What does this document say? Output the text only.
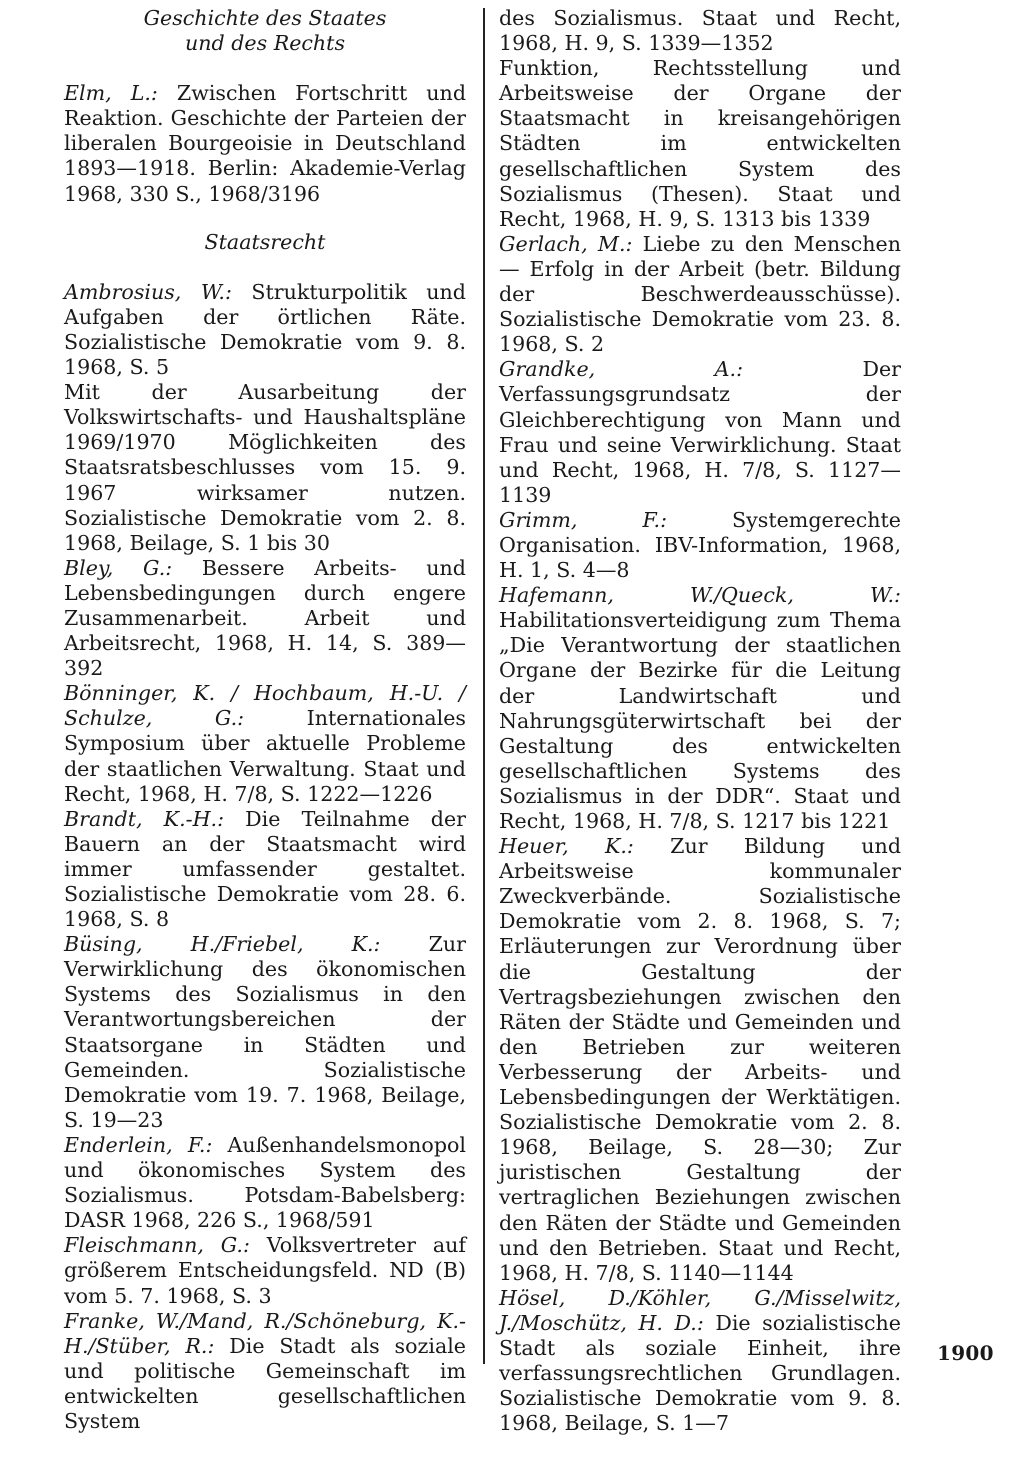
Geschichte des Staates
und des Rechts

Elm, L.: Zwischen Fortschritt und Reaktion. Geschichte der Parteien der liberalen Bourgeoisie in Deutschland 1893—1918. Berlin: Akademie-Verlag 1968, 330 S., 1968/3196

Staatsrecht

Ambrosius, W.: Strukturpolitik und Aufgaben der örtlichen Räte. Sozialistische Demokratie vom 9. 8. 1968, S. 5

Mit der Ausarbeitung der Volkswirtschafts- und Haushaltspläne 1969/1970 Möglichkeiten des Staatsratsbeschlusses vom 15. 9. 1967 wirksamer nutzen. Sozialistische Demokratie vom 2. 8. 1968, Beilage, S. 1 bis 30

Bley, G.: Bessere Arbeits- und Lebensbedingungen durch engere Zusammenarbeit. Arbeit und Arbeitsrecht, 1968, H. 14, S. 389—392

Bönninger, K. / Hochbaum, H.-U. / Schulze, G.: Internationales Symposium über aktuelle Probleme der staatlichen Verwaltung. Staat und Recht, 1968, H. 7/8, S. 1222—1226

Brandt, K.-H.: Die Teilnahme der Bauern an der Staatsmacht wird immer umfassender gestaltet. Sozialistische Demokratie vom 28. 6. 1968, S. 8

Büsing, H./Friebel, K.: Zur Verwirklichung des ökonomischen Systems des Sozialismus in den Verantwortungsbereichen der Staatsorgane in Städten und Gemeinden. Sozialistische Demokratie vom 19. 7. 1968, Beilage, S. 19—23

Enderlein, F.: Außenhandelsmonopol und ökonomisches System des Sozialismus. Potsdam-Babelsberg: DASR 1968, 226 S., 1968/591

Fleischmann, G.: Volksvertreter auf größerem Entscheidungsfeld. ND (B) vom 5. 7. 1968, S. 3

Franke, W./Mand, R./Schöneburg, K.-H./Stüber, R.: Die Stadt als soziale und politische Gemeinschaft im entwickelten gesellschaftlichen System

des Sozialismus. Staat und Recht, 1968, H. 9, S. 1339—1352

Funktion, Rechtsstellung und Arbeitsweise der Organe der Staatsmacht in kreisangehörigen Städten im entwickelten gesellschaftlichen System des Sozialismus (Thesen). Staat und Recht, 1968, H. 9, S. 1313 bis 1339

Gerlach, M.: Liebe zu den Menschen — Erfolg in der Arbeit (betr. Bildung der Beschwerdeausschüsse). Sozialistische Demokratie vom 23. 8. 1968, S. 2

Grandke, A.: Der Verfassungsgrundsatz der Gleichberechtigung von Mann und Frau und seine Verwirklichung. Staat und Recht, 1968, H. 7/8, S. 1127—1139

Grimm, F.: Systemgerechte Organisation. IBV-Information, 1968, H. 1, S. 4—8

Hafemann, W./Queck, W.: Habilitationsverteidigung zum Thema „Die Verantwortung der staatlichen Organe der Bezirke für die Leitung der Landwirtschaft und Nahrungsgüterwirtschaft bei der Gestaltung des entwickelten gesellschaftlichen Systems des Sozialismus in der DDR“. Staat und Recht, 1968, H. 7/8, S. 1217 bis 1221

Heuer, K.: Zur Bildung und Arbeitsweise kommunaler Zweckverbände. Sozialistische Demokratie vom 2. 8. 1968, S. 7; Erläuterungen zur Verordnung über die Gestaltung der Vertragsbeziehungen zwischen den Räten der Städte und Gemeinden und den Betrieben zur weiteren Verbesserung der Arbeits- und Lebensbedingungen der Werktätigen. Sozialistische Demokratie vom 2. 8. 1968, Beilage, S. 28—30; Zur juristischen Gestaltung der vertraglichen Beziehungen zwischen den Räten der Städte und Gemeinden und den Betrieben. Staat und Recht, 1968, H. 7/8, S. 1140—1144

Hösel, D./Köhler, G./Misselwitz, J./Moschütz, H. D.: Die sozialistische Stadt als soziale Einheit, ihre verfassungsrechtlichen Grundlagen. Sozialistische Demokratie vom 9. 8. 1968, Beilage, S. 1—7

1900
